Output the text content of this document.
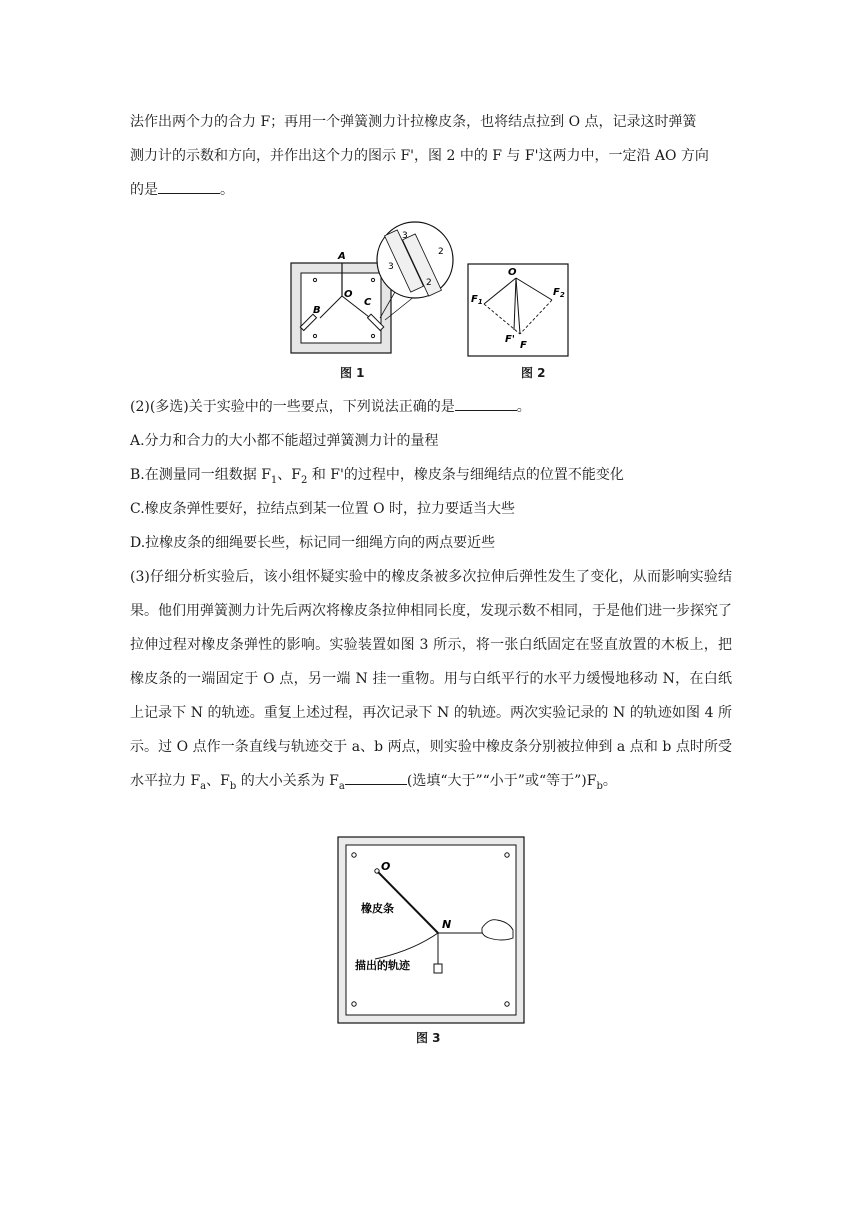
法作出两个力的合力 F；再用一个弹簧测力计拉橡皮条，也将结点拉到 O 点，记录这时弹簧
测力计的示数和方向，并作出这个力的图示 F'，图 2 中的 F 与 F'这两力中，一定沿 AO 方向
的是	。
3
2
3
2
A
O
B
C
图 1
O
$F_1$
$F_2$
F'
F
图 2
(2)(多选)关于实验中的一些要点，下列说法正确的是	。
A.分力和合力的大小都不能超过弹簧测力计的量程
B.在测量同一组数据 $F_1$、$F_2$ 和 F'的过程中，橡皮条与细绳结点的位置不能变化
C.橡皮条弹性要好，拉结点到某一位置 O 时，拉力要适当大些
D.拉橡皮条的细绳要长些，标记同一细绳方向的两点要近些

(3)仔细分析实验后，该小组怀疑实验中的橡皮条被多次拉伸后弹性发生了变化，从而影响实验结果。他们用弹簧测力计先后两次将橡皮条拉伸相同长度，发现示数不相同，于是他们进一步探究了拉伸过程对橡皮条弹性的影响。实验装置如图 3 所示，将一张白纸固定在竖直放置的木板上，把橡皮条的一端固定于 O 点，另一端 N 挂一重物。用与白纸平行的水平力缓慢地移动 N，在白纸上记录下 N 的轨迹。重复上述过程，再次记录下 N 的轨迹。两次实验记录的 N 的轨迹如图 4 所示。过 O 点作一条直线与轨迹交于 a、b 两点，则实验中橡皮条分别被拉伸到 a 点和 b 点时所受水平拉力 $F_a$、$F_b$ 的大小关系为 $F_a$	(选填“大于”“小于”或“等于$”)F_b$。

O
N
橡皮条
描出的轨迹
图 3
